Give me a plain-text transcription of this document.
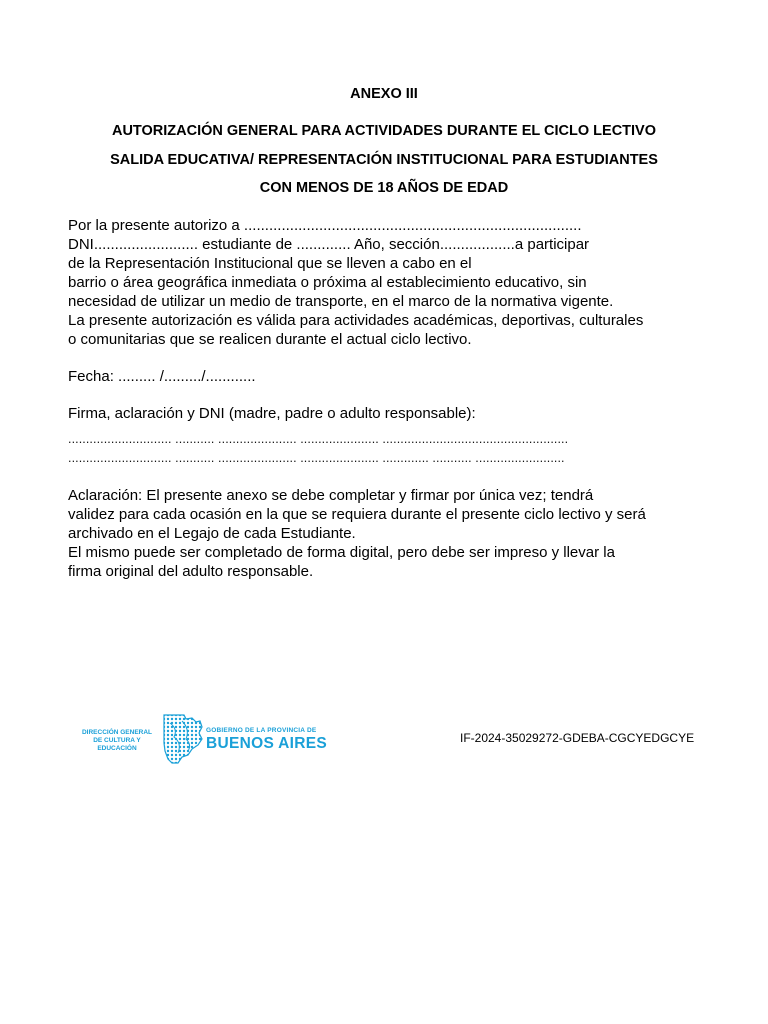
ANEXO III
AUTORIZACIÓN GENERAL PARA ACTIVIDADES DURANTE EL CICLO LECTIVO
SALIDA EDUCATIVA/ REPRESENTACIÓN INSTITUCIONAL PARA ESTUDIANTES
CON MENOS DE 18 AÑOS DE EDAD
Por la presente autorizo a .................................................................................
DNI......................... estudiante de ............. Año, sección..................a participar
de la Representación Institucional que se lleven a cabo en el
barrio o área geográfica inmediata o próxima al establecimiento educativo, sin
necesidad de utilizar un medio de transporte, en el marco de la normativa vigente.
La presente autorización es válida para actividades académicas, deportivas, culturales
o comunitarias que se realicen durante el actual ciclo lectivo.
Fecha: ......... /........./............
Firma, aclaración y DNI (madre, padre o adulto responsable):
............................. ........... ...................... ...................... ....................................................
............................. ........... ...................... ...................... ............. ........... .........................
Aclaración: El presente anexo se debe completar y firmar por única vez; tendrá
validez para cada ocasión en la que se requiera durante el presente ciclo lectivo y será
archivado en el Legajo de cada Estudiante.
El mismo puede ser completado de forma digital, pero debe ser impreso y llevar la
firma original del adulto responsable.
DIRECCIÓN GENERAL
DE CULTURA Y EDUCACIÓN
GOBIERNO DE LA PROVINCIA DE
BUENOS AIRES	IF-2024-35029272-GDEBA-CGCYEDGCYE
